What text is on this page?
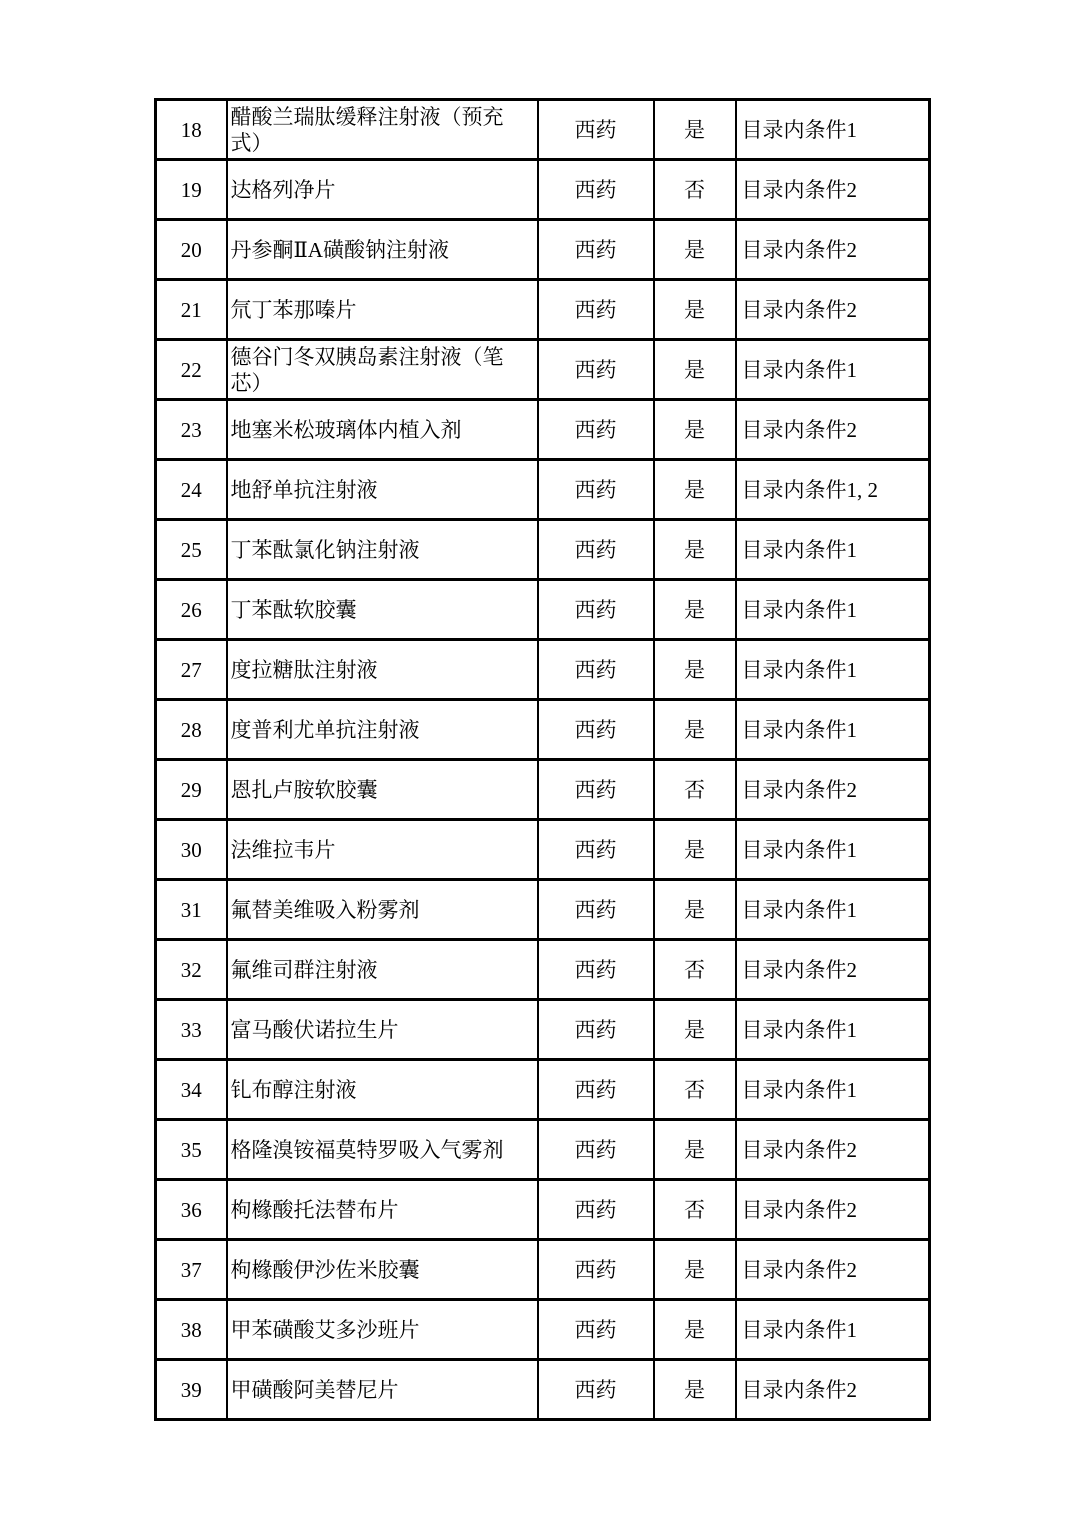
18	醋酸兰瑞肽缓释注射液（预充式）	西药	是	目录内条件1
19	达格列净片	西药	否	目录内条件2
20	丹参酮ⅡA磺酸钠注射液	西药	是	目录内条件2
21	氘丁苯那嗪片	西药	是	目录内条件2
22	德谷门冬双胰岛素注射液（笔芯）	西药	是	目录内条件1
23	地塞米松玻璃体内植入剂	西药	是	目录内条件2
24	地舒单抗注射液	西药	是	目录内条件1, 2
25	丁苯酞氯化钠注射液	西药	是	目录内条件1
26	丁苯酞软胶囊	西药	是	目录内条件1
27	度拉糖肽注射液	西药	是	目录内条件1
28	度普利尤单抗注射液	西药	是	目录内条件1
29	恩扎卢胺软胶囊	西药	否	目录内条件2
30	法维拉韦片	西药	是	目录内条件1
31	氟替美维吸入粉雾剂	西药	是	目录内条件1
32	氟维司群注射液	西药	否	目录内条件2
33	富马酸伏诺拉生片	西药	是	目录内条件1
34	钆布醇注射液	西药	否	目录内条件1
35	格隆溴铵福莫特罗吸入气雾剂	西药	是	目录内条件2
36	枸橼酸托法替布片	西药	否	目录内条件2
37	枸橼酸伊沙佐米胶囊	西药	是	目录内条件2
38	甲苯磺酸艾多沙班片	西药	是	目录内条件1
39	甲磺酸阿美替尼片	西药	是	目录内条件2
